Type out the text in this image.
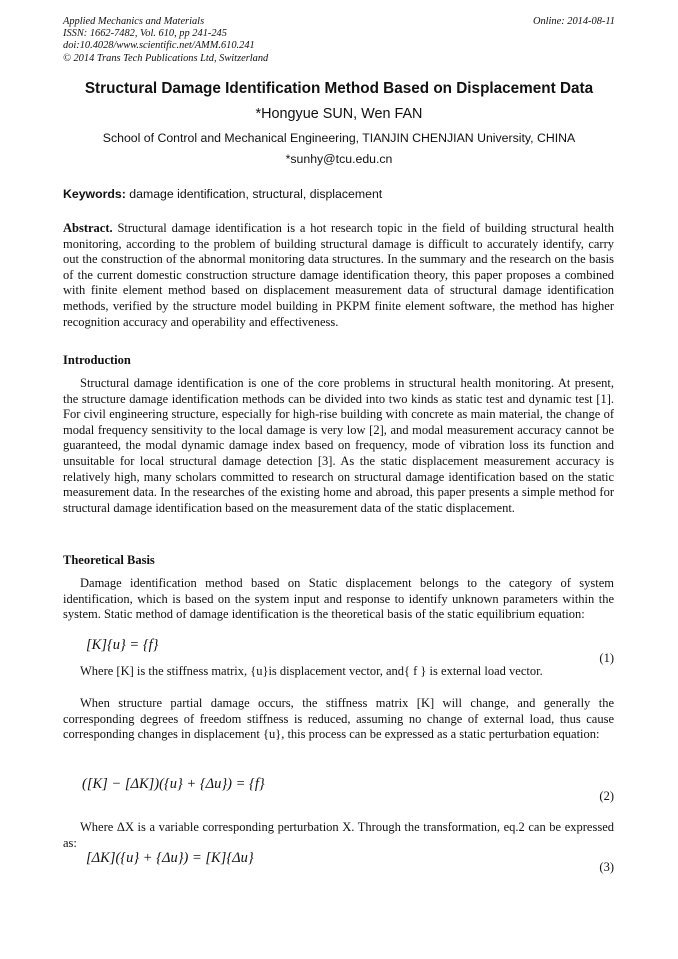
Applied Mechanics and Materials
ISSN: 1662-7482, Vol. 610, pp 241-245
doi:10.4028/www.scientific.net/AMM.610.241
© 2014 Trans Tech Publications Ltd, Switzerland
Online: 2014-08-11
Structural Damage Identification Method Based on Displacement Data
*Hongyue SUN, Wen FAN
School of Control and Mechanical Engineering, TIANJIN CHENJIAN University, CHINA
*sunhy@tcu.edu.cn
Keywords: damage identification, structural, displacement
Abstract. Structural damage identification is a hot research topic in the field of building structural health monitoring, according to the problem of building structural damage is difficult to accurately identify, carry out the construction of the abnormal monitoring data structures. In the summary and the research on the basis of the current domestic construction structure damage identification theory, this paper proposes a combined with finite element method based on displacement measurement data of structural damage identification methods, verified by the structure model building in PKPM finite element software, the method has higher recognition accuracy and operability and effectiveness.
Introduction
Structural damage identification is one of the core problems in structural health monitoring. At present, the structure damage identification methods can be divided into two kinds as static test and dynamic test [1]. For civil engineering structure, especially for high-rise building with concrete as main material, the change of modal frequency sensitivity to the local damage is very low [2], and modal measurement accuracy cannot be guaranteed, the modal dynamic damage index based on frequency, mode of vibration loss its function and unsuitable for local structural damage detection [3]. As the static displacement measurement accuracy is relatively high, many scholars committed to research on structural damage identification based on the static measurement data. In the researches of the existing home and abroad, this paper presents a simple method for structural damage identification based on the measurement data of the static displacement.
Theoretical Basis
Damage identification method based on Static displacement belongs to the category of system identification, which is based on the system input and response to identify unknown parameters within the system. Static method of damage identification is the theoretical basis of the static equilibrium equation:
[K]{u} = {f}
(1)
Where [K] is the stiffness matrix, {u}is displacement vector, and{ f } is external load vector.
When structure partial damage occurs, the stiffness matrix [K] will change, and generally the corresponding degrees of freedom stiffness is reduced, assuming no change of external load, thus cause corresponding changes in displacement {u}, this process can be expressed as a static perturbation equation:
([K] − [ΔK])({u} + {Δu}) = {f}
(2)
Where ΔX is a variable corresponding perturbation X. Through the transformation, eq.2 can be expressed as:
[ΔK]({u} + {Δu}) = [K]{Δu}
(3)
